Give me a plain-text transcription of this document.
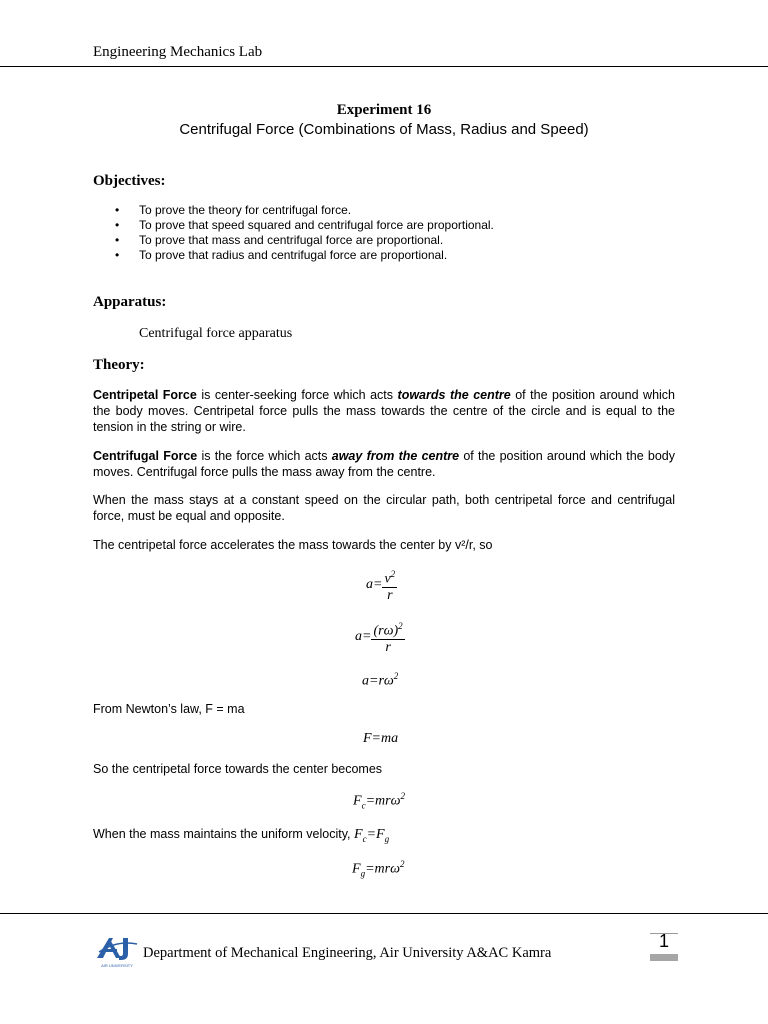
Engineering Mechanics Lab
Experiment 16
Centrifugal Force (Combinations of Mass, Radius and Speed)
Objectives:
• To prove the theory for centrifugal force.
• To prove that speed squared and centrifugal force are proportional.
• To prove that mass and centrifugal force are proportional.
• To prove that radius and centrifugal force are proportional.
Apparatus:
Centrifugal force apparatus
Theory:
Centripetal Force is center-seeking force which acts towards the centre of the position around which the body moves. Centripetal force pulls the mass towards the centre of the circle and is equal to the tension in the string or wire.
Centrifugal Force is the force which acts away from the centre of the position around which the body moves. Centrifugal force pulls the mass away from the centre.
When the mass stays at a constant speed on the circular path, both centripetal force and centrifugal force, must be equal and opposite.
The centripetal force accelerates the mass towards the center by v²/r, so
$a= \frac{v^2}{r}$
$a= \frac{(r\omega)^2}{r}$
$a=r\omega^2$
From Newton’s law, F = ma
F=ma
So the centripetal force towards the center becomes
$F_c=mr\omega^2$
When the mass maintains the uniform velocity, $F_c=F_g$
$F_g=mr\omega^2$
AIR UNIVERSITY
Department of Mechanical Engineering, Air University A&AC Kamra
1
